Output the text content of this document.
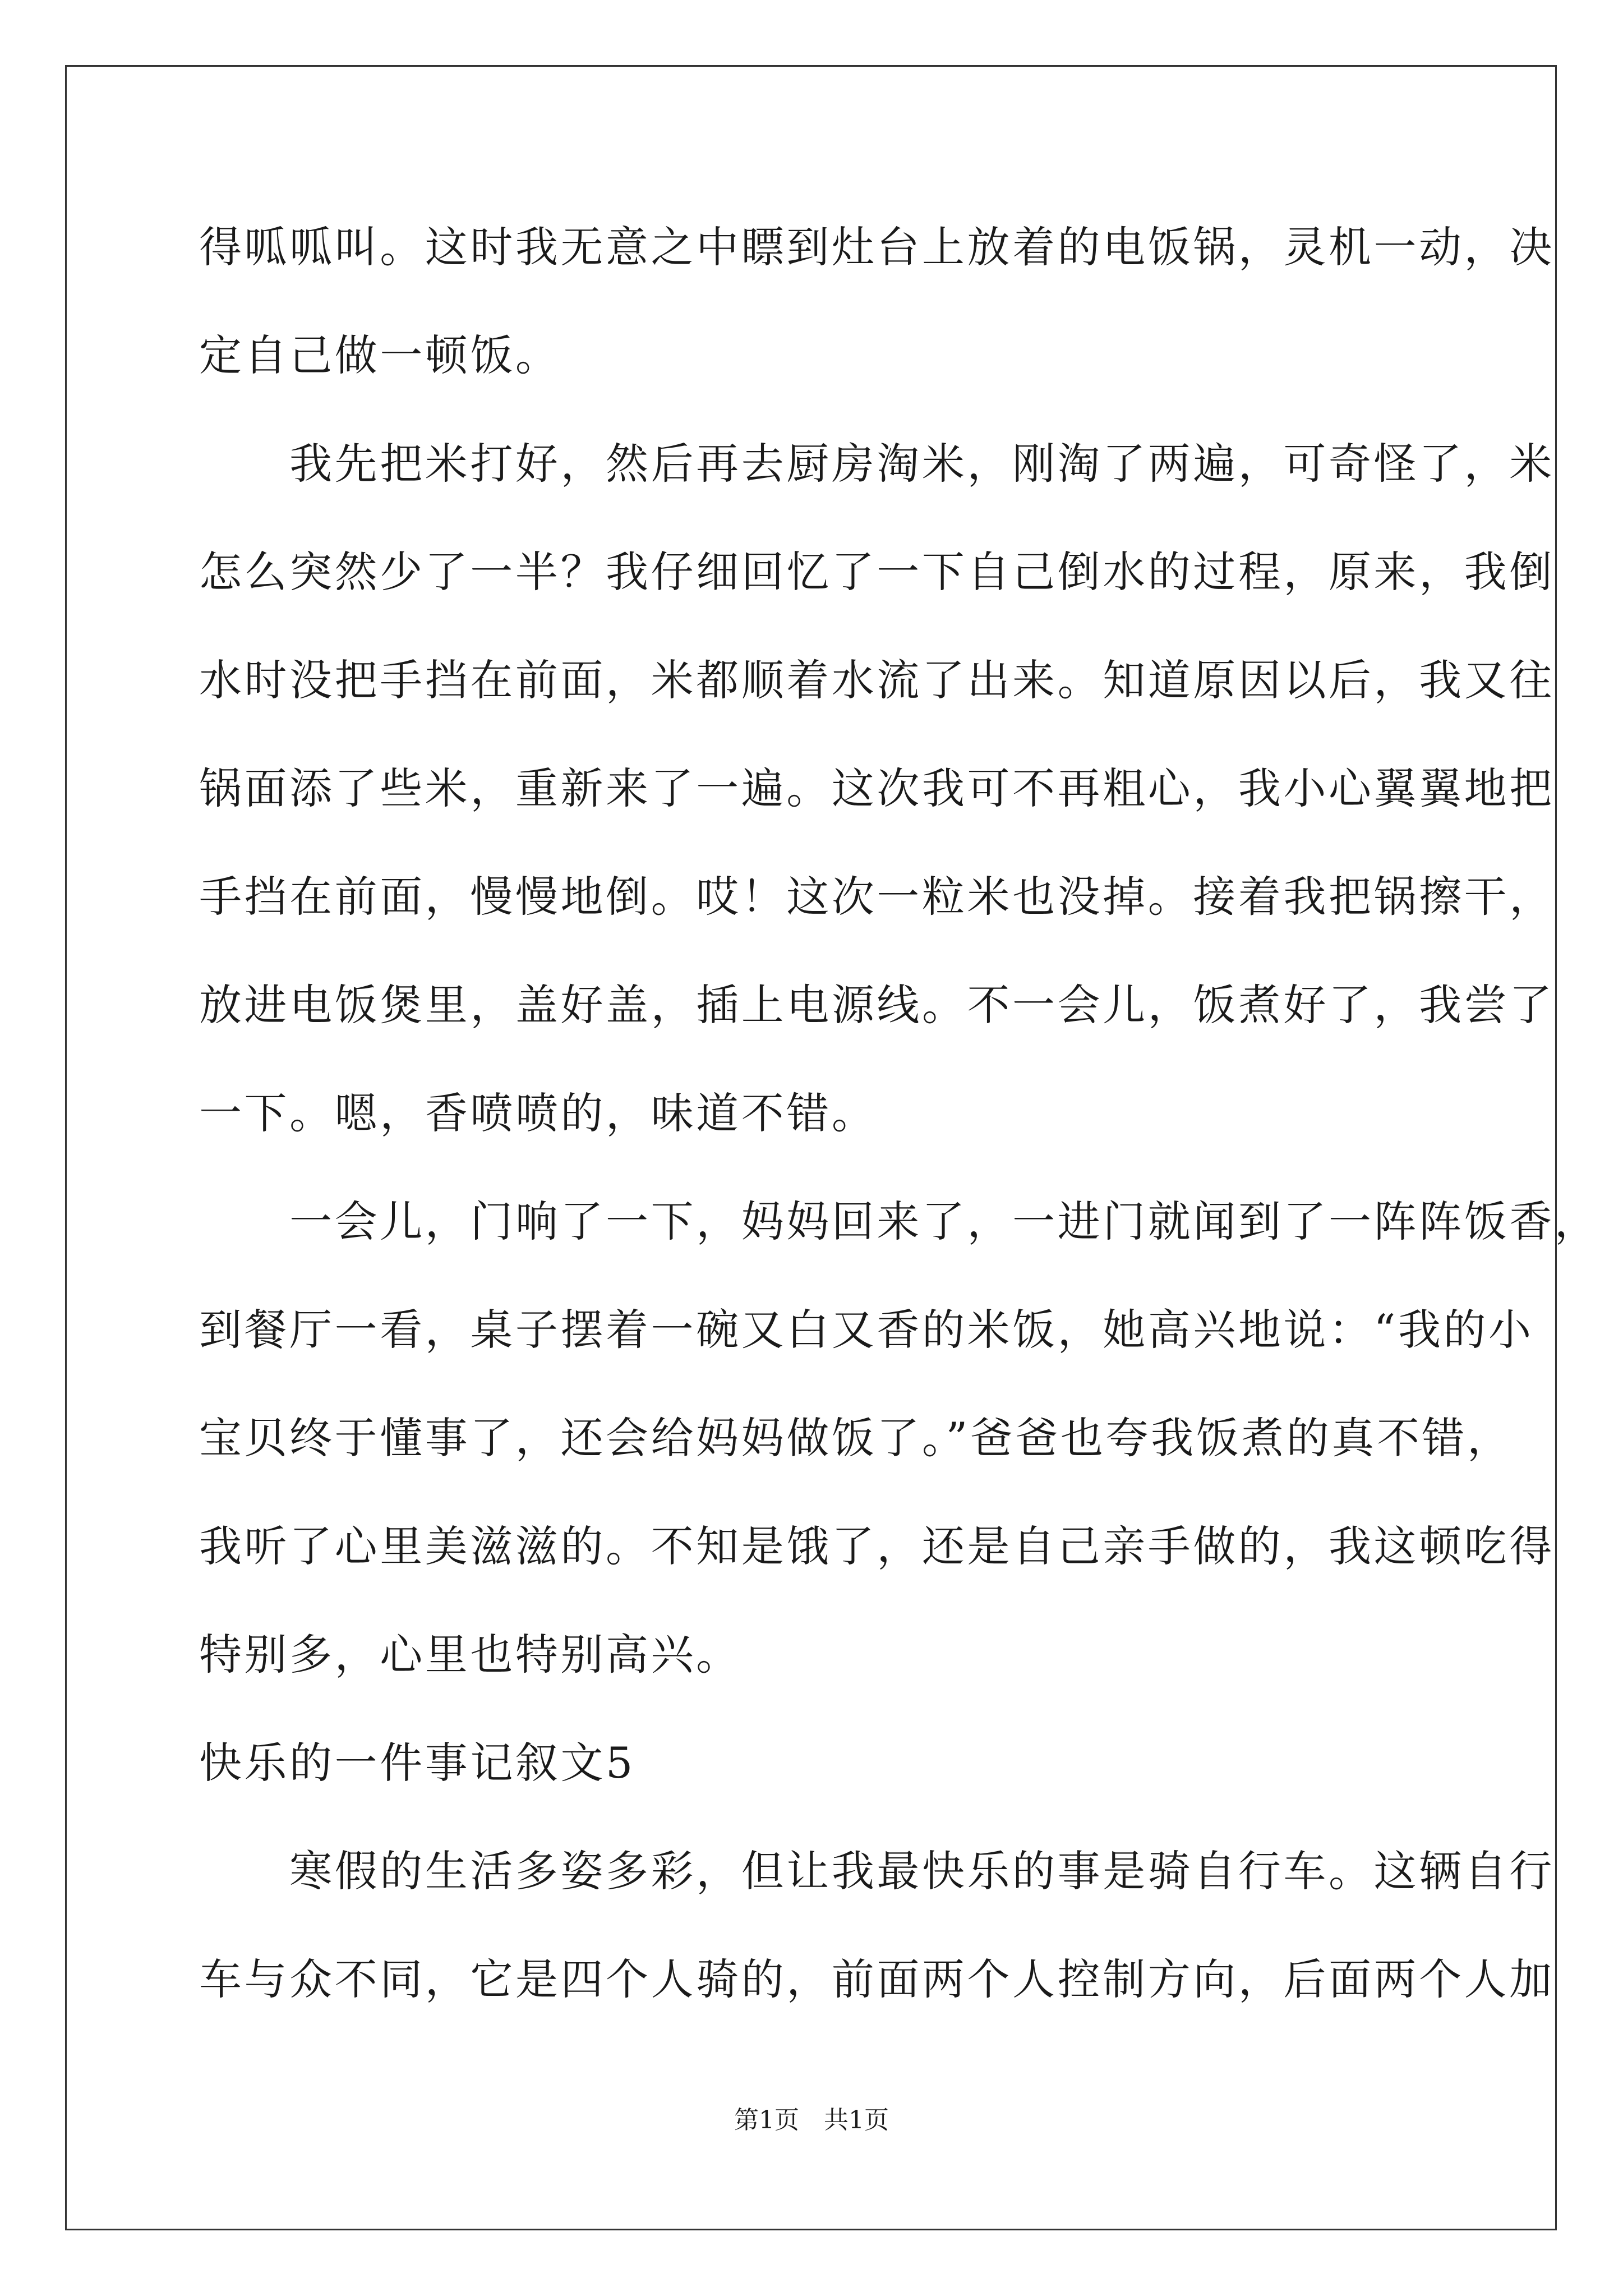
得呱呱叫。这时我无意之中瞟到灶台上放着的电饭锅，灵机一动，决
定自己做一顿饭。
　　我先把米打好，然后再去厨房淘米，刚淘了两遍，可奇怪了，米
怎么突然少了一半？我仔细回忆了一下自己倒水的过程，原来，我倒
水时没把手挡在前面，米都顺着水流了出来。知道原因以后，我又往
锅面添了些米，重新来了一遍。这次我可不再粗心，我小心翼翼地把
手挡在前面，慢慢地倒。哎！这次一粒米也没掉。接着我把锅擦干，
放进电饭煲里，盖好盖，插上电源线。不一会儿，饭煮好了，我尝了
一下。嗯，香喷喷的，味道不错。
　　一会儿，门响了一下，妈妈回来了，一进门就闻到了一阵阵饭香，
到餐厅一看，桌子摆着一碗又白又香的米饭，她高兴地说：“我的小
宝贝终于懂事了，还会给妈妈做饭了。”爸爸也夸我饭煮的真不错，
我听了心里美滋滋的。不知是饿了，还是自己亲手做的，我这顿吃得
特别多，心里也特别高兴。
快乐的一件事记叙文5
　　寒假的生活多姿多彩，但让我最快乐的事是骑自行车。这辆自行
车与众不同，它是四个人骑的，前面两个人控制方向，后面两个人加
第1页　共1页
